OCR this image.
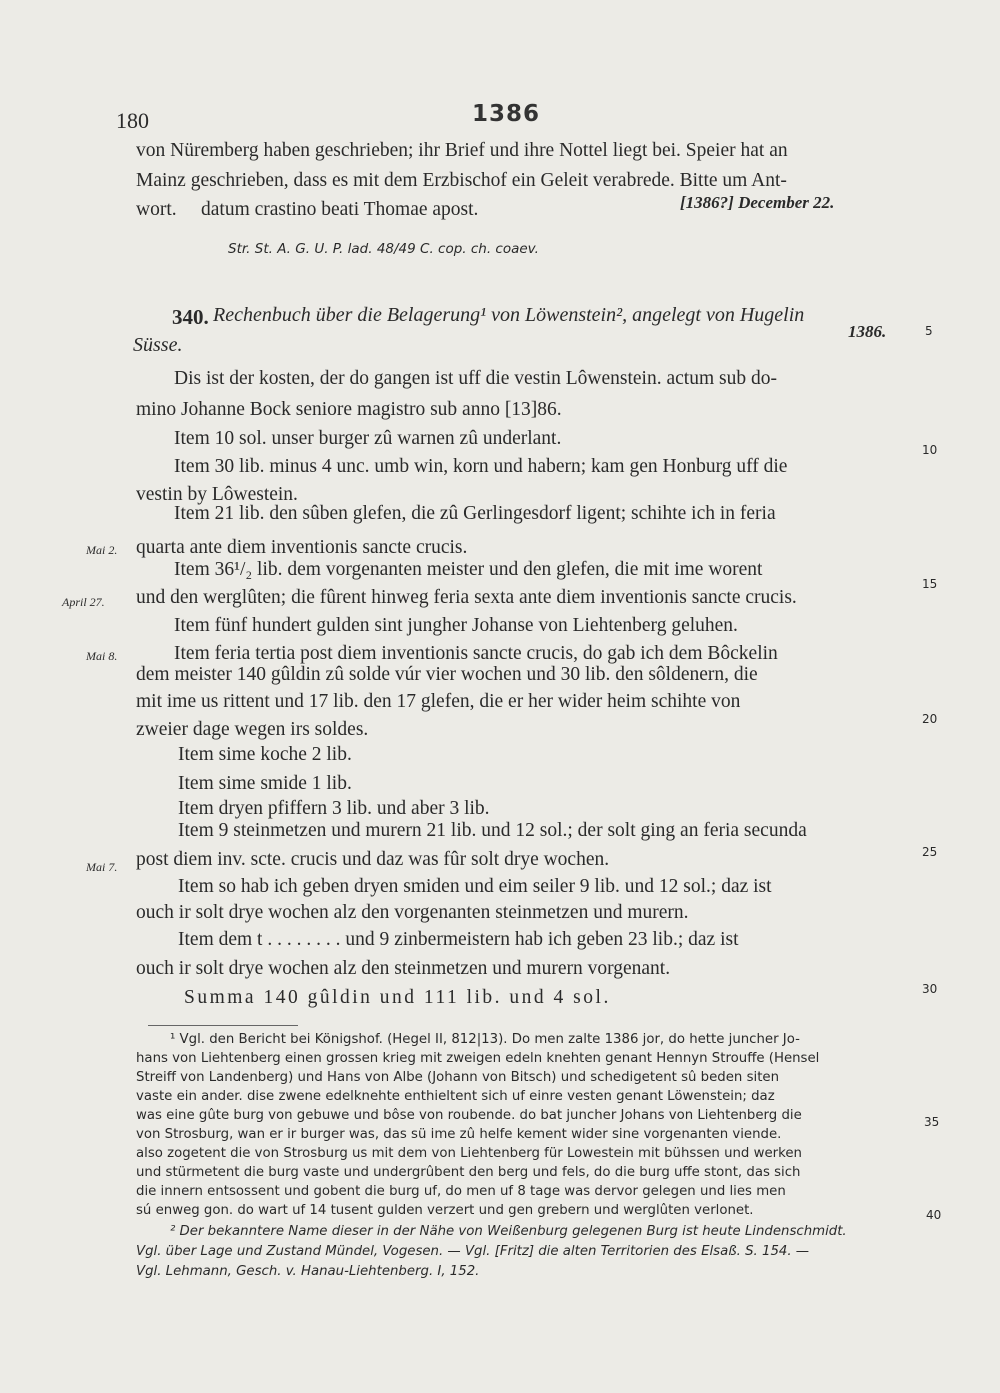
180	1386
von Nüremberg haben geschrieben; ihr Brief und ihre Nottel liegt bei. Speier hat an
Mainz geschrieben, dass es mit dem Erzbischof ein Geleit verabrede. Bitte um Ant-
wort.     datum crastino beati Thomae apost.	[1386?] December 22.
Str. St. A. G. U. P. lad. 48/49 C. cop. ch. coaev.
340. Rechenbuch über die Belagerung¹ von Löwenstein², angelegt von Hugelin
Süsse.
1386.
Dis ist der kosten, der do gangen ist uff die vestin Lôwenstein. actum sub do-
mino Johanne Bock seniore magistro sub anno [13]86.
Item 10 sol. unser burger zû warnen zû underlant.
Item 30 lib. minus 4 unc. umb win, korn und habern; kam gen Honburg uff die
vestin by Lôwestein.
Item 21 lib. den sûben glefen, die zû Gerlingesdorf ligent; schihte ich in feria
quarta ante diem inventionis sancte crucis.
Item 36¹/₂ lib. dem vorgenanten meister und den glefen, die mit ime worent
und den werglûten; die fûrent hinweg feria sexta ante diem inventionis sancte crucis.
Item fünf hundert gulden sint jungher Johanse von Liehtenberg geluhen.
Item feria tertia post diem inventionis sancte crucis, do gab ich dem Bôckelin
dem meister 140 gûldin zû solde vúr vier wochen und 30 lib. den sôldenern, die
mit ime us rittent und 17 lib. den 17 glefen, die er her wider heim schihte von
zweier dage wegen irs soldes.
Item sime koche 2 lib.
Item sime smide 1 lib.
Item dryen pfiffern 3 lib. und aber 3 lib.
Item 9 steinmetzen und murern 21 lib. und 12 sol.; der solt ging an feria secunda
post diem inv. scte. crucis und daz was fûr solt drye wochen.
Item so hab ich geben dryen smiden und eim seiler 9 lib. und 12 sol.; daz ist
ouch ir solt drye wochen alz den vorgenanten steinmetzen und murern.
Item dem t . . . . . . . . und 9 zinbermeistern hab ich geben 23 lib.; daz ist
ouch ir solt drye wochen alz den steinmetzen und murern vorgenant.
Summa 140 gûldin und 111 lib. und 4 sol.
Mai 2.
April 27.
Mai 8.
Mai 7.
5
10
15
20
25
30
35
40
¹ Vgl. den Bericht bei Königshof. (Hegel II, 812|13). Do men zalte 1386 jor, do hette juncher Jo-
hans von Liehtenberg einen grossen krieg mit zweigen edeln knehten genant Hennyn Strouffe (Hensel
Streiff von Landenberg) und Hans von Albe (Johann von Bitsch) und schedigetent sû beden siten
vaste ein ander. dise zwene edelknehte enthieltent sich uf einre vesten genant Löwenstein; daz
was eine gûte burg von gebuwe und bôse von roubende. do bat juncher Johans von Liehtenberg die
von Strosburg, wan er ir burger was, das sü ime zû helfe kement wider sine vorgenanten viende.
also zogetent die von Strosburg us mit dem von Liehtenberg für Lowestein mit bühssen und werken
und stürmetent die burg vaste und undergrûbent den berg und fels, do die burg uffe stont, das sich
die innern entsossent und gobent die burg uf, do men uf 8 tage was dervor gelegen und lies men
sú enweg gon. do wart uf 14 tusent gulden verzert und gen grebern und werglûten verlonet.
² Der bekanntere Name dieser in der Nähe von Weißenburg gelegenen Burg ist heute Lindenschmidt.
Vgl. über Lage und Zustand Mündel, Vogesen. — Vgl. [Fritz] die alten Territorien des Elsaß. S. 154. —
Vgl. Lehmann, Gesch. v. Hanau-Liehtenberg. I, 152.
